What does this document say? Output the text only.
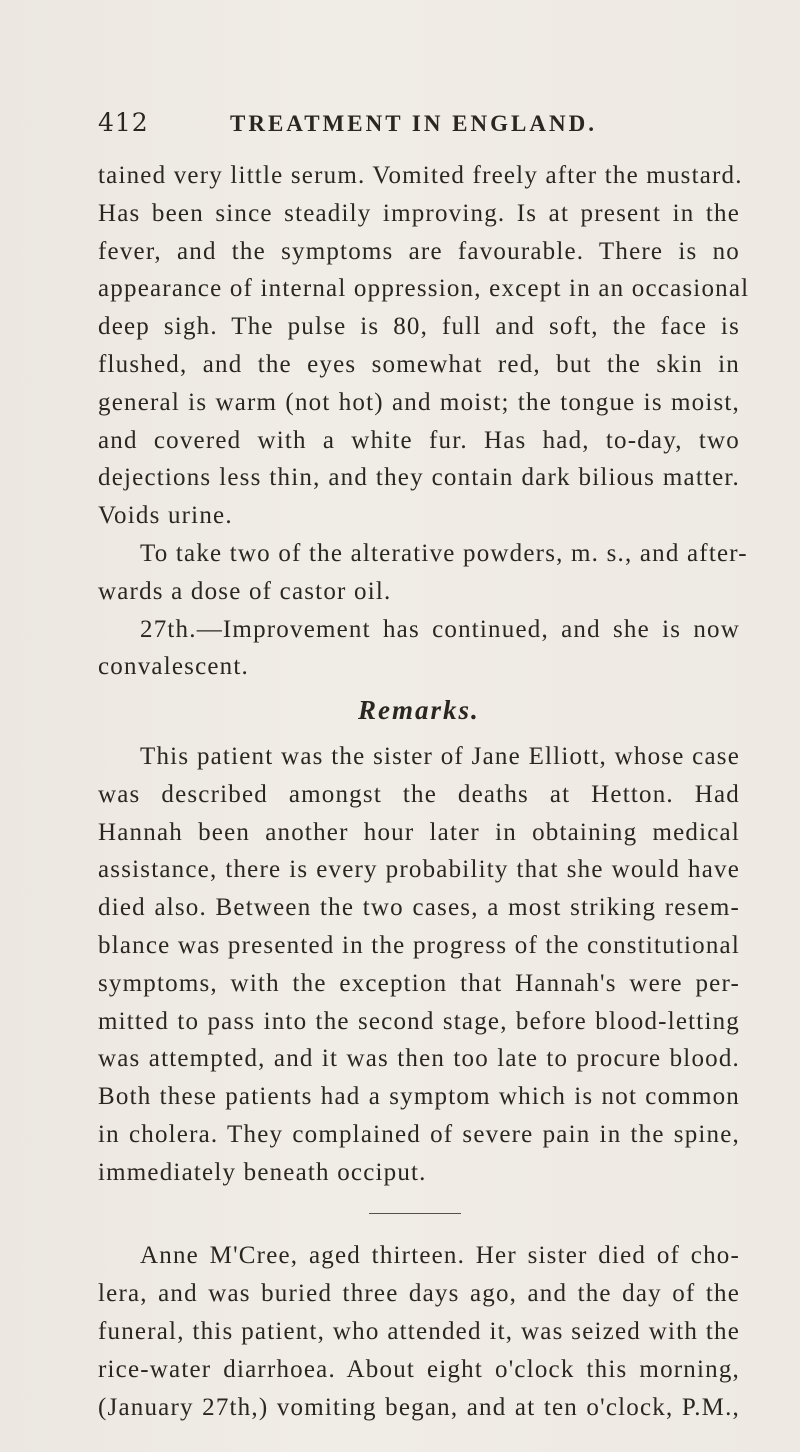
412	TREATMENT IN ENGLAND.
tained very little serum. Vomited freely after the mustard.
Has been since steadily improving. Is at present in the
fever, and the symptoms are favourable. There is no
appearance of internal oppression, except in an occasional
deep sigh. The pulse is 80, full and soft, the face is
flushed, and the eyes somewhat red, but the skin in
general is warm (not hot) and moist; the tongue is moist,
and covered with a white fur. Has had, to-day, two
dejections less thin, and they contain dark bilious matter.
Voids urine.
To take two of the alterative powders, m. s., and after-
wards a dose of castor oil.
27th.—Improvement has continued, and she is now
convalescent.
Remarks.
This patient was the sister of Jane Elliott, whose case
was described amongst the deaths at Hetton. Had
Hannah been another hour later in obtaining medical
assistance, there is every probability that she would have
died also. Between the two cases, a most striking resem-
blance was presented in the progress of the constitutional
symptoms, with the exception that Hannah's were per-
mitted to pass into the second stage, before blood-letting
was attempted, and it was then too late to procure blood.
Both these patients had a symptom which is not common
in cholera. They complained of severe pain in the spine,
immediately beneath occiput.
Anne M'Cree, aged thirteen. Her sister died of cho-
lera, and was buried three days ago, and the day of the
funeral, this patient, who attended it, was seized with the
rice-water diarrhoea. About eight o'clock this morning,
(January 27th,) vomiting began, and at ten o'clock, P.M.,
